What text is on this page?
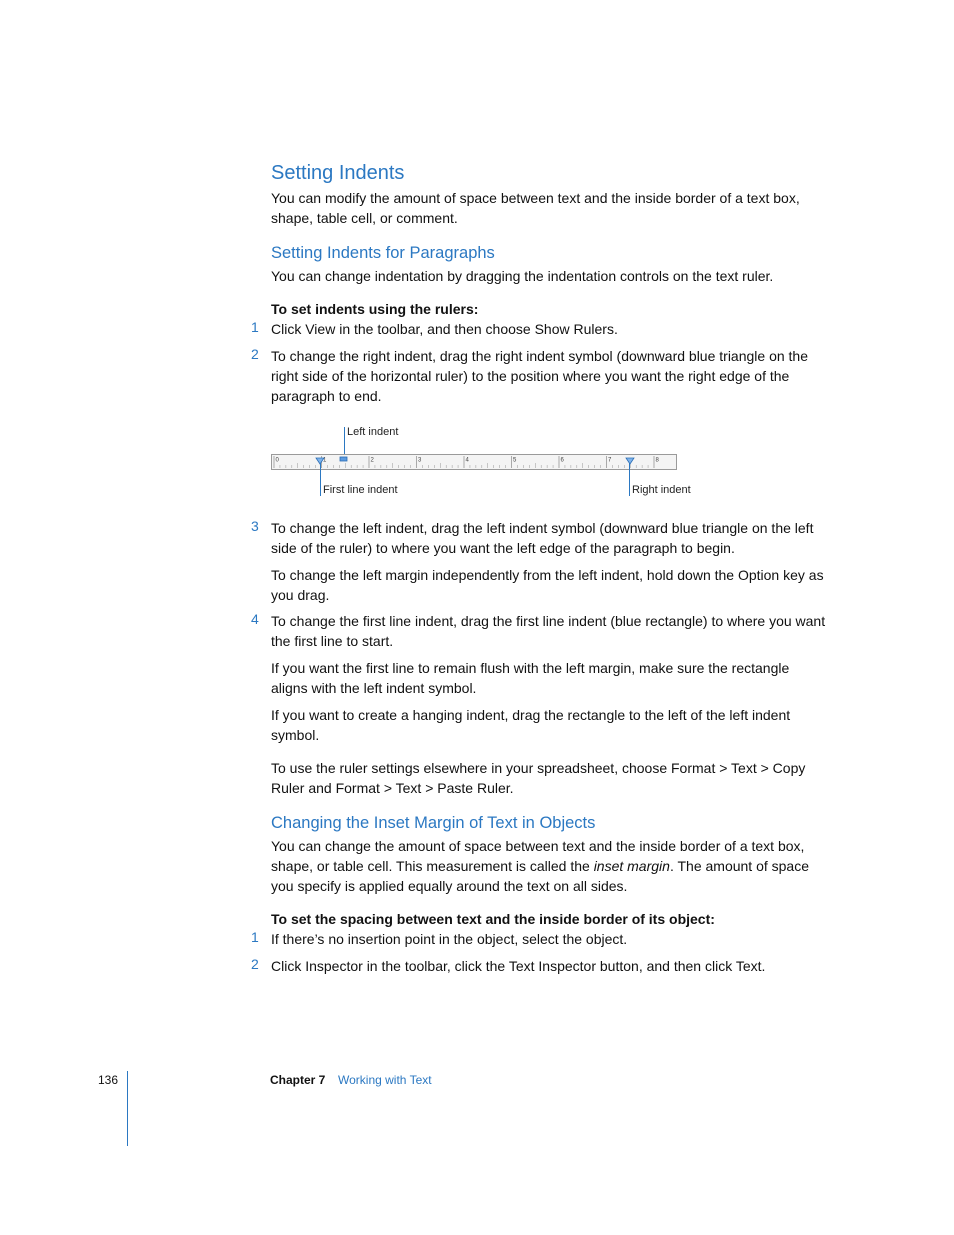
Setting Indents

You can modify the amount of space between text and the inside border of a text box, shape, table cell, or comment.

Setting Indents for Paragraphs

You can change indentation by dragging the indentation controls on the text ruler.

To set indents using the rulers:

1 Click View in the toolbar, and then choose Show Rulers.

2 To change the right indent, drag the right indent symbol (downward blue triangle on the right side of the horizontal ruler) to the position where you want the right edge of the paragraph to end.

Left indent
0	1	2	3	4	5	6	7	8
First line indent	Right indent
3 To change the left indent, drag the left indent symbol (downward blue triangle on the left side of the ruler) to where you want the left edge of the paragraph to begin.

To change the left margin independently from the left indent, hold down the Option key as you drag.

4 To change the first line indent, drag the first line indent (blue rectangle) to where you want the first line to start.

If you want the first line to remain flush with the left margin, make sure the rectangle aligns with the left indent symbol.

If you want to create a hanging indent, drag the rectangle to the left of the left indent symbol.

To use the ruler settings elsewhere in your spreadsheet, choose Format > Text > Copy Ruler and Format > Text > Paste Ruler.

Changing the Inset Margin of Text in Objects

You can change the amount of space between text and the inside border of a text box, shape, or table cell. This measurement is called the inset margin. The amount of space you specify is applied equally around the text on all sides.

To set the spacing between text and the inside border of its object:

1 If there’s no insertion point in the object, select the object.

2 Click Inspector in the toolbar, click the Text Inspector button, and then click Text.

136	Chapter 7 Working with Text
